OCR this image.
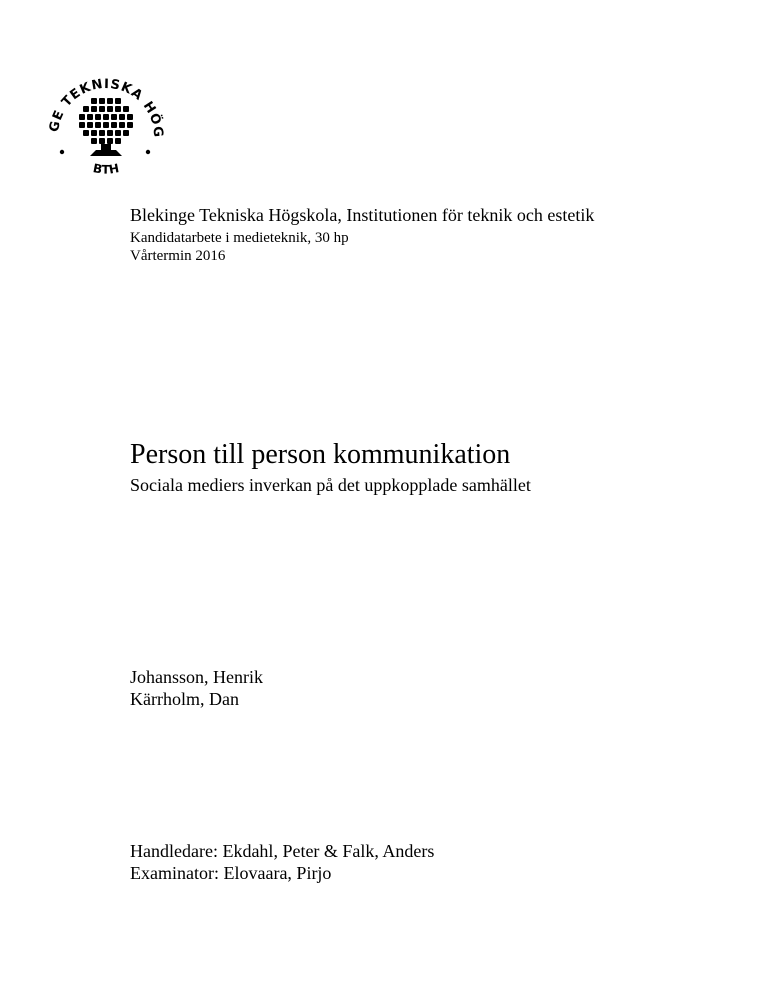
GE TEKNISKA HÖG
BTH
Blekinge Tekniska Högskola, Institutionen för teknik och estetik
Kandidatarbete i medieteknik, 30 hp
Vårtermin 2016
Person till person kommunikation
Sociala mediers inverkan på det uppkopplade samhället
Johansson, Henrik
Kärrholm, Dan
Handledare: Ekdahl, Peter & Falk, Anders
Examinator: Elovaara, Pirjo
